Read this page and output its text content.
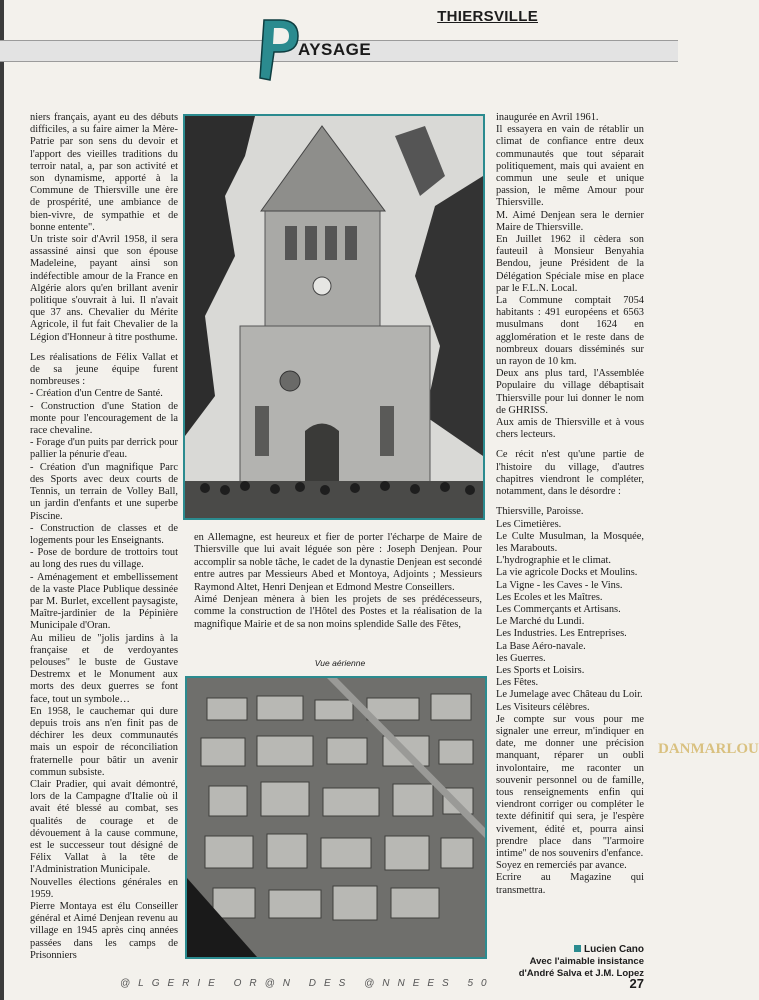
THIERSVILLE
AYSAGE

niers français, ayant eu des débuts difficiles, a su faire aimer la Mère-Patrie par son sens du devoir et l'apport des vieilles traditions du terroir natal, a, par son activité et son dynamisme, apporté à la Commune de Thiersville une ère de prospérité, une ambiance de bien-vivre, de sympathie et de bonne entente".

Un triste soir d'Avril 1958, il sera assassiné ainsi que son épouse Madeleine, payant ainsi son indéfectible amour de la France en Algérie alors qu'en brillant avenir politique s'ouvrait à lui. Il n'avait que 37 ans. Chevalier du Mérite Agricole, il fut fait Chevalier de la Légion d'Honneur à titre posthume.

Les réalisations de Félix Vallat et de sa jeune équipe furent nombreuses :

- Création d'un Centre de Santé.

- Construction d'une Station de monte pour l'encouragement de la race chevaline.

- Forage d'un puits par derrick pour pallier la pénurie d'eau.

- Création d'un magnifique Parc des Sports avec deux courts de Tennis, un terrain de Volley Ball, un jardin d'enfants et une superbe Piscine.

- Construction de classes et de logements pour les Enseignants.

- Pose de bordure de trottoirs tout au long des rues du village.

- Aménagement et embellissement de la vaste Place Publique dessinée par M. Burlet, excellent paysagiste, Maître-jardinier de la Pépinière Municipale d'Oran.

Au milieu de "jolis jardins à la française et de verdoyantes pelouses" le buste de Gustave Destremx et le Monument aux morts des deux guerres se font face, tout un symbole…

En 1958, le cauchemar qui dure depuis trois ans n'en finit pas de déchirer les deux communautés mais un espoir de réconciliation fraternelle pour bâtir un avenir commun subsiste.

Clair Pradier, qui avait démontré, lors de la Campagne d'Italie où il avait été blessé au combat, ses qualités de courage et de dévouement à la cause commune, est le successeur tout désigné de Félix Vallat à la tête de l'Administration Municipale.

Nouvelles élections générales en 1959.

Pierre Montaya est élu Conseiller général et Aimé Denjean revenu au village en 1945 après cinq années passées dans les camps de Prisonniers

en Allemagne, est heureux et fier de porter l'écharpe de Maire de Thiersville que lui avait léguée son père : Joseph Denjean. Pour accomplir sa noble tâche, le cadet de la dynastie Denjean est secondé entre autres par Messieurs Abed et Montoya, Adjoints ; Messieurs Raymond Altet, Henri Denjean et Edmond Mestre Conseillers.

Aimé Denjean mènera à bien les projets de ses prédécesseurs, comme la construction de l'Hôtel des Postes et la réalisation de la magnifique Mairie et de sa non moins splendide Salle des Fêtes,

Vue aérienne

inaugurée en Avril 1961.

Il essayera en vain de rétablir un climat de confiance entre deux communautés que tout séparait politiquement, mais qui avaient en commun une seule et unique passion, le même Amour pour Thiersville.

M. Aimé Denjean sera le dernier Maire de Thiersville.

En Juillet 1962 il cèdera son fauteuil à Monsieur Benyahia Bendou, jeune Président de la Délégation Spéciale mise en place par le F.L.N. Local.

La Commune comptait 7054 habitants : 491 européens et 6563 musulmans dont 1624 en agglomération et le reste dans de nombreux douars disséminés sur un rayon de 10 km.

Deux ans plus tard, l'Assemblée Populaire du village débaptisait Thiersville pour lui donner le nom de GHRISS.

Aux amis de Thiersville et à vous chers lecteurs.

Ce récit n'est qu'une partie de l'histoire du village, d'autres chapitres viendront le compléter, notamment, dans le désordre :

Thiersville, Paroisse.

Les Cimetières.

Le Culte Musulman, la Mosquée, les Marabouts.

L'hydrographie et le climat.

La vie agricole Docks et Moulins.

La Vigne - les Caves - le Vins.

Les Ecoles et les Maîtres.

Les Commerçants et Artisans.

Le Marché du Lundi.

Les Industries. Les Entreprises.

La Base Aéro-navale.

les Guerres.

Les Sports et Loisirs.

Les Fêtes.

Le Jumelage avec Château du Loir.

Les Visiteurs célèbres.

Je compte sur vous pour me signaler une erreur, m'indiquer en date, me donner une précision manquant, réparer un oubli involontaire, me raconter un souvenir personnel ou de famille, tous renseignements enfin qui viendront corriger ou compléter le texte définitif qui sera, je l'espère vivement, édité et, pourra ainsi prendre place dans "l'armoire intime" de nos souvenirs d'enfance.

Soyez en remerciés par avance.

Ecrire au Magazine qui transmettra.

Lucien Cano
Avec l'aimable insistance
d'André Salva et J.M. Lopez
DANMARLOU
@LGERIE OR@N DES @NNEES 50	27
